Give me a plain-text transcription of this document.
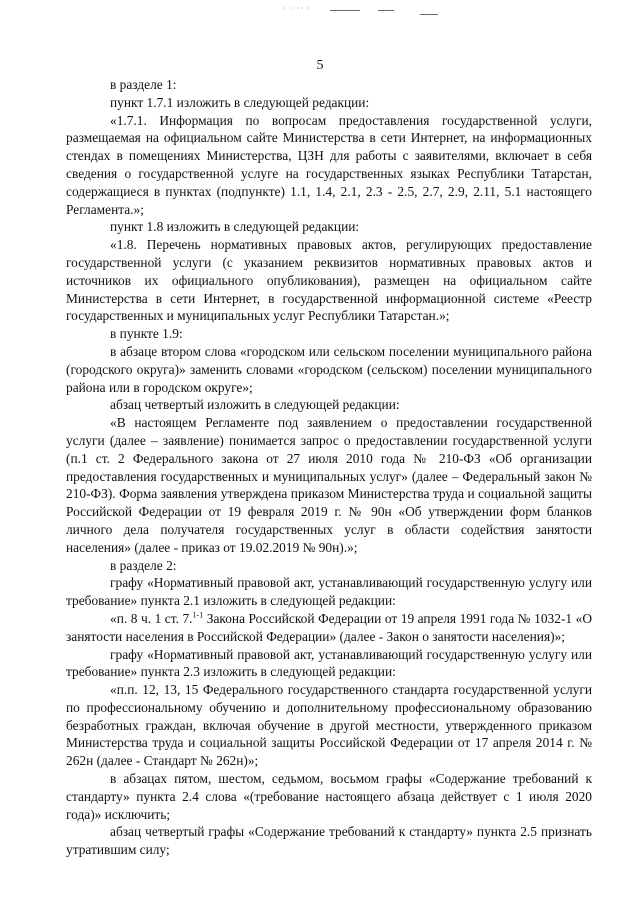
· · ·· ·
5

в разделе 1:

пункт 1.7.1 изложить в следующей редакции:

«1.7.1. Информация по вопросам предоставления государственной услуги, размещаемая на официальном сайте Министерства в сети Интернет, на информационных стендах в помещениях Министерства, ЦЗН для работы с заявителями, включает в себя сведения о государственной услуге на государственных языках Республики Татарстан, содержащиеся в пунктах (подпункте) 1.1, 1.4, 2.1, 2.3 - 2.5, 2.7, 2.9, 2.11, 5.1 настоящего Регламента.»;

пункт 1.8 изложить в следующей редакции:

«1.8. Перечень нормативных правовых актов, регулирующих предоставление государственной услуги (с указанием реквизитов нормативных правовых актов и источников их официального опубликования), размещен на официальном сайте Министерства в сети Интернет, в государственной информационной системе «Реестр государственных и муниципальных услуг Республики Татарстан.»;

в пункте 1.9:

в абзаце втором слова «городском или сельском поселении муниципального района (городского округа)» заменить словами «городском (сельском) поселении муниципального района или в городском округе»;

абзац четвертый изложить в следующей редакции:

«В настоящем Регламенте под заявлением о предоставлении государственной услуги (далее – заявление) понимается запрос о предоставлении государственной услуги (п.1 ст. 2 Федерального закона от 27 июля 2010 года № 210-ФЗ «Об организации предоставления государственных и муниципальных услуг» (далее – Федеральный закон № 210-ФЗ). Форма заявления утверждена приказом Министерства труда и социальной защиты Российской Федерации от 19 февраля 2019 г. № 90н «Об утверждении форм бланков личного дела получателя государственных услуг в области содействия занятости населения» (далее - приказ от 19.02.2019 № 90н).»;

в разделе 2:

графу «Нормативный правовой акт, устанавливающий государственную услугу или требование» пункта 2.1 изложить в следующей редакции:

«п. 8 ч. 1 ст. 7.$^{1-1}$ Закона Российской Федерации от 19 апреля 1991 года № 1032-1 «О занятости населения в Российской Федерации» (далее - Закон о занятости населения)»;

графу «Нормативный правовой акт, устанавливающий государственную услугу или требование» пункта 2.3 изложить в следующей редакции:

«п.п. 12, 13, 15 Федерального государственного стандарта государственной услуги по профессиональному обучению и дополнительному профессиональному образованию безработных граждан, включая обучение в другой местности, утвержденного приказом Министерства труда и социальной защиты Российской Федерации от 17 апреля 2014 г. № 262н (далее - Стандарт № 262н)»;

в абзацах пятом, шестом, седьмом, восьмом графы «Содержание требований к стандарту» пункта 2.4 слова «(требование настоящего абзаца действует с 1 июля 2020 года)» исключить;

абзац четвертый графы «Содержание требований к стандарту» пункта 2.5 признать утратившим силу;
